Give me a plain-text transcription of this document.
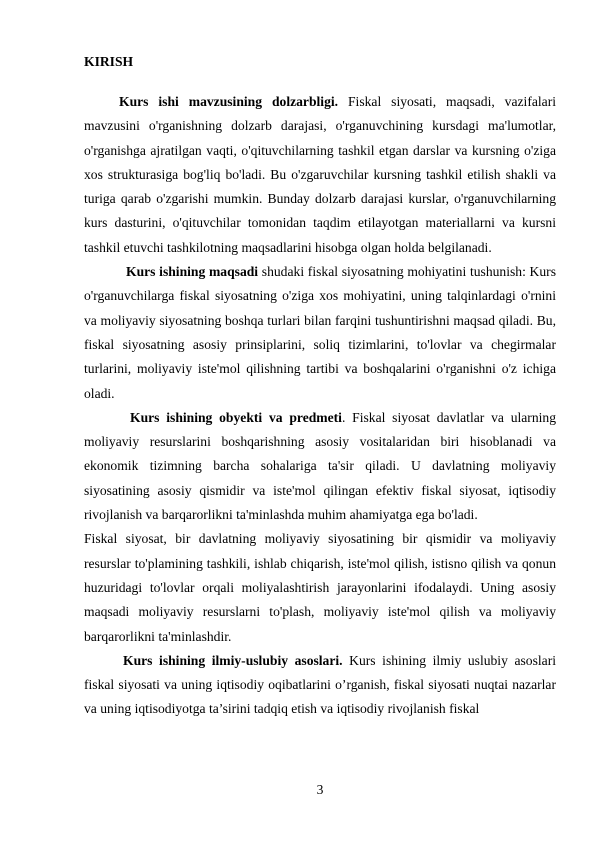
KIRISH

Kurs ishi mavzusining dolzarbligi. Fiskal siyosati, maqsadi, vazifalari mavzusini o'rganishning dolzarb darajasi, o'rganuvchining kursdagi ma'lumotlar, o'rganishga ajratilgan vaqti, o'qituvchilarning tashkil etgan darslar va kursning o'ziga xos strukturasiga bog'liq bo'ladi. Bu o'zgaruvchilar kursning tashkil etilish shakli va turiga qarab o'zgarishi mumkin. Bunday dolzarb darajasi kurslar, o'rganuvchilarning kurs dasturini, o'qituvchilar tomonidan taqdim etilayotgan materiallarni va kursni tashkil etuvchi tashkilotning maqsadlarini hisobga olgan holda belgilanadi.

Kurs ishining maqsadi shudaki fiskal siyosatning mohiyatini tushunish: Kurs o'rganuvchilarga fiskal siyosatning o'ziga xos mohiyatini, uning talqinlardagi o'rnini va moliyaviy siyosatning boshqa turlari bilan farqini tushuntirishni maqsad qiladi. Bu, fiskal siyosatning asosiy prinsiplarini, soliq tizimlarini, to'lovlar va chegirmalar turlarini, moliyaviy iste'mol qilishning tartibi va boshqalarini o'rganishni o'z ichiga oladi.

Kurs ishining obyekti va predmeti. Fiskal siyosat davlatlar va ularning moliyaviy resurslarini boshqarishning asosiy vositalaridan biri hisoblanadi va ekonomik tizimning barcha sohalariga ta'sir qiladi. U davlatning moliyaviy siyosatining asosiy qismidir va iste'mol qilingan efektiv fiskal siyosat, iqtisodiy rivojlanish va barqarorlikni ta'minlashda muhim ahamiyatga ega bo'ladi.

Fiskal siyosat, bir davlatning moliyaviy siyosatining bir qismidir va moliyaviy resurslar to'plamining tashkili, ishlab chiqarish, iste'mol qilish, istisno qilish va qonun huzuridagi to'lovlar orqali moliyalashtirish jarayonlarini ifodalaydi. Uning asosiy maqsadi moliyaviy resurslarni to'plash, moliyaviy iste'mol qilish va moliyaviy barqarorlikni ta'minlashdir.

Kurs ishining ilmiy-uslubiy asoslari. Kurs ishining ilmiy uslubiy asoslari fiskal siyosati va uning iqtisodiy oqibatlarini o’rganish, fiskal siyosati nuqtai nazarlar va uning iqtisodiyotga ta’sirini tadqiq etish va iqtisodiy rivojlanish fiskal

3
